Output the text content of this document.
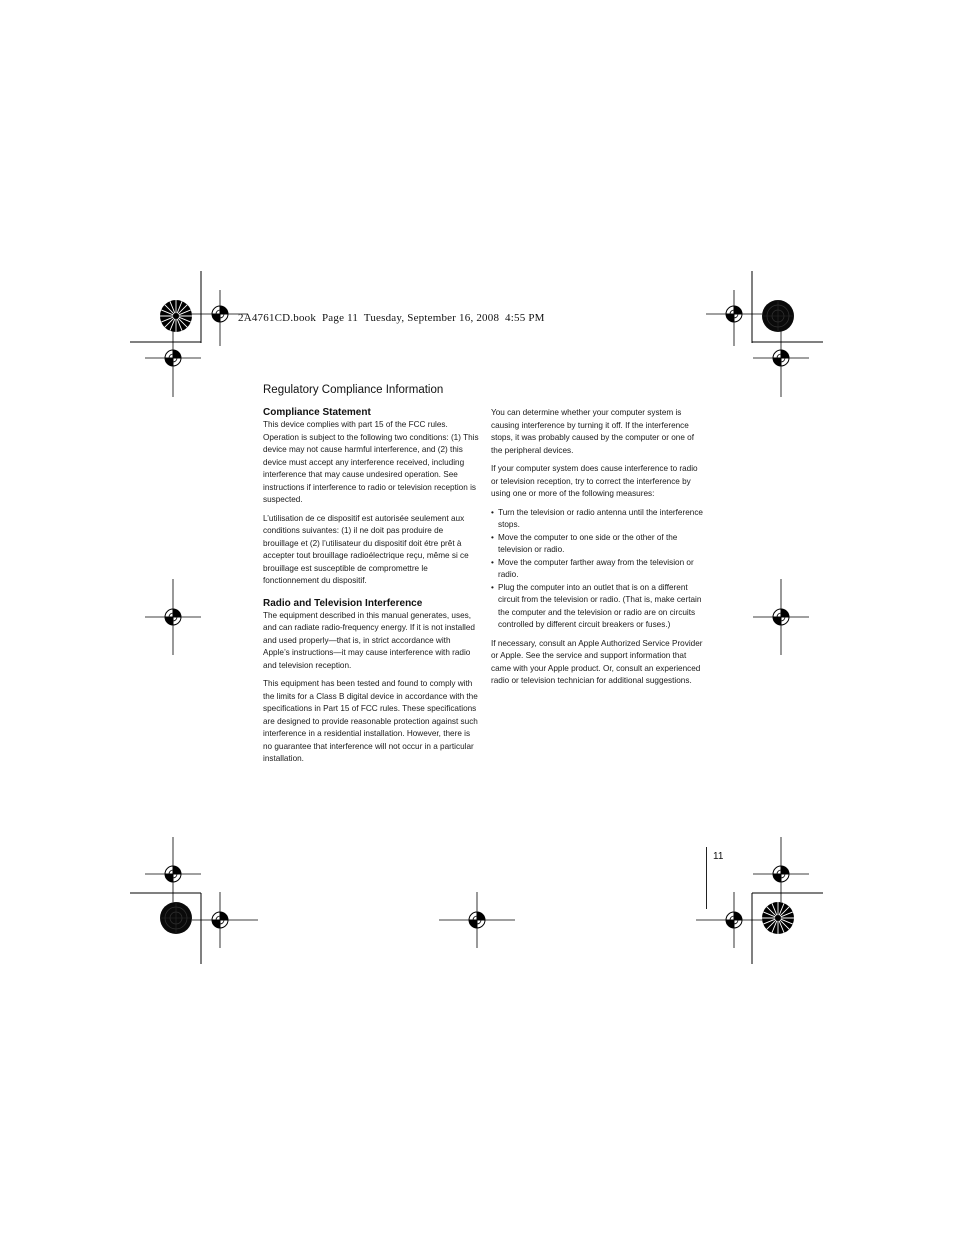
2A4761CD.book  Page 11  Tuesday, September 16, 2008  4:55 PM
Regulatory Compliance Information
Compliance Statement

This device complies with part 15 of the FCC rules. Operation is subject to the following two conditions: (1) This device may not cause harmful interference, and (2) this device must accept any interference received, including interference that may cause undesired operation. See instructions if interference to radio or television reception is suspected.

L’utilisation de ce dispositif est autorisée seulement aux conditions suivantes: (1) il ne doit pas produire de brouillage et (2) l’utilisateur du dispositif doit étre prêt à accepter tout brouillage radioélectrique reçu, même si ce brouillage est susceptible de compromettre le fonctionnement du dispositif.

Radio and Television Interference

The equipment described in this manual generates, uses, and can radiate radio-frequency energy. If it is not installed and used properly—that is, in strict accordance with Apple’s instructions—it may cause interference with radio and television reception.

This equipment has been tested and found to comply with the limits for a Class B digital device in accordance with the specifications in Part 15 of FCC rules. These specifications are designed to provide reasonable protection against such interference in a residential installation. However, there is no guarantee that interference will not occur in a particular installation.

You can determine whether your computer system is causing interference by turning it off. If the interference stops, it was probably caused by the computer or one of the peripheral devices.

If your computer system does cause interference to radio or television reception, try to correct the interference by using one or more of the following measures:

• Turn the television or radio antenna until the interference stops.
• Move the computer to one side or the other of the television or radio.
• Move the computer farther away from the television or radio.
• Plug the computer into an outlet that is on a different circuit from the television or radio. (That is, make certain the computer and the television or radio are on circuits controlled by different circuit breakers or fuses.)

If necessary, consult an Apple Authorized Service Provider or Apple. See the service and support information that came with your Apple product. Or, consult an experienced radio or television technician for additional suggestions.

11
